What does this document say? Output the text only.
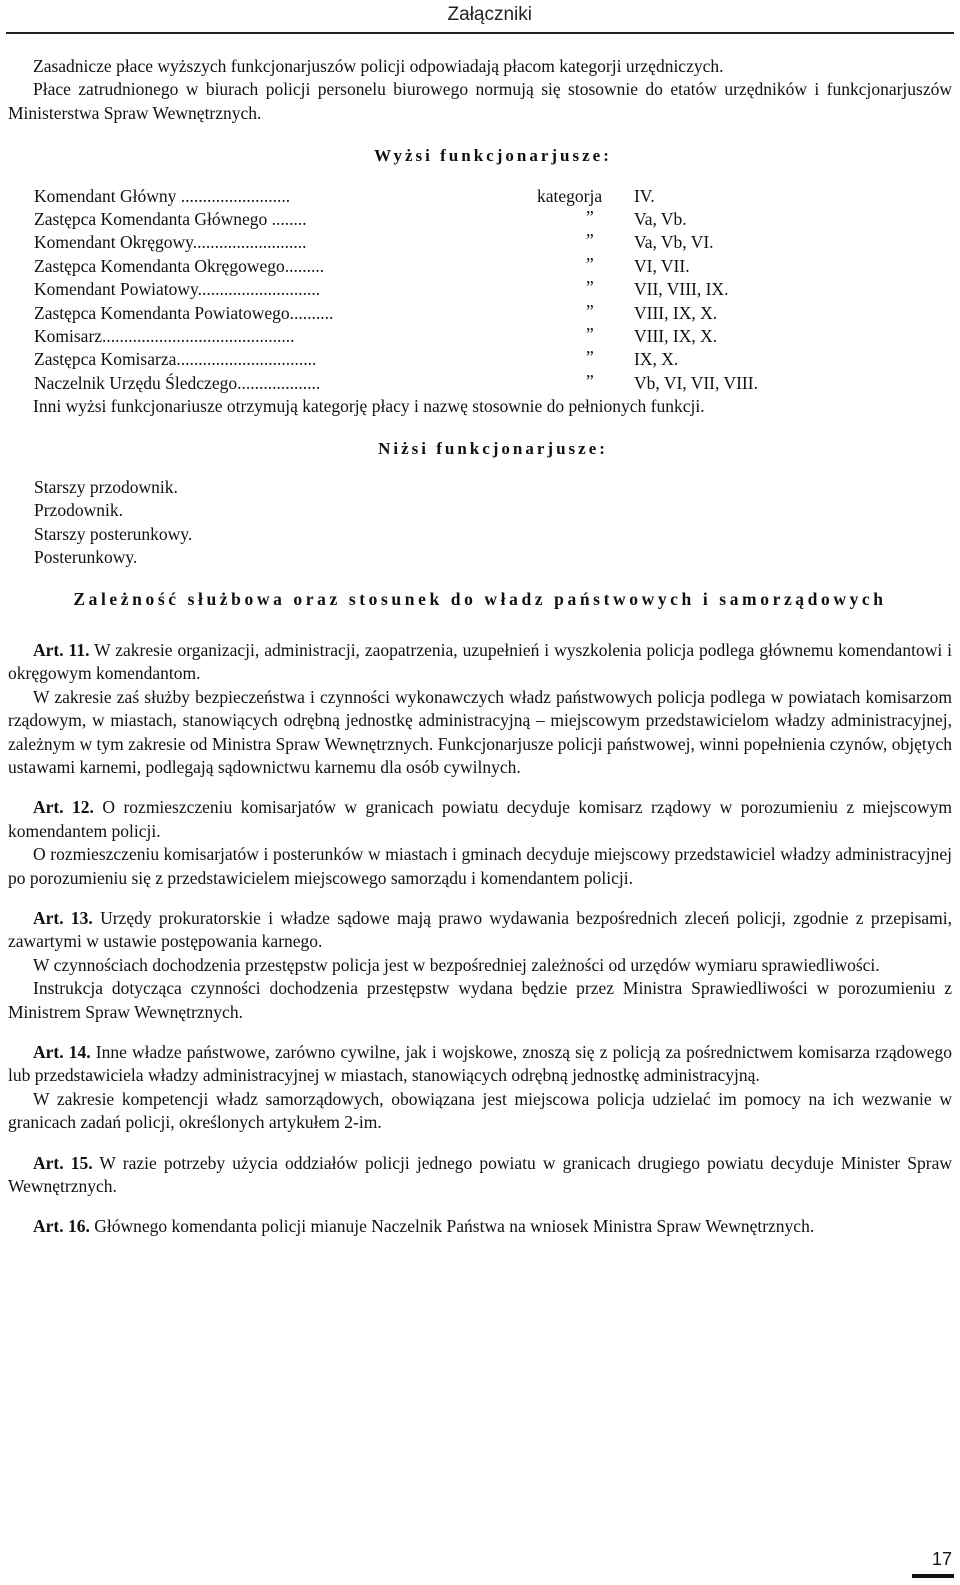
Załączniki

Zasadnicze płace wyższych funkcjonarjuszów policji odpowiadają płacom kategorji urzędniczych.

Płace zatrudnionego w biurach policji personelu biurowego normują się stosownie do etatów urzędników i funkcjonarjuszów Ministerstwa Spraw Wewnętrznych.

Wyżsi funkcjonarjusze:
Komendant Główny .........................	kategorja IV.
Zastępca Komendanta Głównego ........	” Va, Vb.
Komendant Okręgowy..........................	” Va, Vb, VI.
Zastępca Komendanta Okręgowego.........	” VI, VII.
Komendant Powiatowy............................	” VII, VIII, IX.
Zastępca Komendanta Powiatowego..........	” VIII, IX, X.
Komisarz............................................	” VIII, IX, X.
Zastępca Komisarza................................	” IX, X.
Naczelnik Urzędu Śledczego...................	” Vb, VI, VII, VIII.

Inni wyżsi funkcjonariusze otrzymują kategorję płacy i nazwę stosownie do pełnionych funkcji.

Niżsi funkcjonarjusze:
Starszy przodownik.
Przodownik.
Starszy posterunkowy.
Posterunkowy.
Zależność służbowa oraz stosunek do władz państwowych i samorządowych

Art. 11. W zakresie organizacji, administracji, zaopatrzenia, uzupełnień i wyszkolenia policja podlega głównemu komendantowi i okręgowym komendantom.

W zakresie zaś służby bezpieczeństwa i czynności wykonawczych władz państwowych policja podlega w powiatach komisarzom rządowym, w miastach, stanowiących odrębną jednostkę administracyjną – miejscowym przedstawicielom władzy administracyjnej, zależnym w tym zakresie od Ministra Spraw Wewnętrznych. Funkcjonarjusze policji państwowej, winni popełnienia czynów, objętych ustawami karnemi, podlegają sądownictwu karnemu dla osób cywilnych.

Art. 12. O rozmieszczeniu komisarjatów w granicach powiatu decyduje komisarz rządowy w porozumieniu z miejscowym komendantem policji.

O rozmieszczeniu komisarjatów i posterunków w miastach i gminach decyduje miejscowy przedstawiciel władzy administracyjnej po porozumieniu się z przedstawicielem miejscowego samorządu i komendantem policji.

Art. 13. Urzędy prokuratorskie i władze sądowe mają prawo wydawania bezpośrednich zleceń policji, zgodnie z przepisami, zawartymi w ustawie postępowania karnego.

W czynnościach dochodzenia przestępstw policja jest w bezpośredniej zależności od urzędów wymiaru sprawiedliwości.

Instrukcja dotycząca czynności dochodzenia przestępstw wydana będzie przez Ministra Sprawiedliwości w porozumieniu z Ministrem Spraw Wewnętrznych.

Art. 14. Inne władze państwowe, zarówno cywilne, jak i wojskowe, znoszą się z policją za pośrednictwem komisarza rządowego lub przedstawiciela władzy administracyjnej w miastach, stanowiących odrębną jednostkę administracyjną.

W zakresie kompetencji władz samorządowych, obowiązana jest miejscowa policja udzielać im pomocy na ich wezwanie w granicach zadań policji, określonych artykułem 2-im.

Art. 15. W razie potrzeby użycia oddziałów policji jednego powiatu w granicach drugiego powiatu decyduje Minister Spraw Wewnętrznych.

Art. 16. Głównego komendanta policji mianuje Naczelnik Państwa na wniosek Ministra Spraw Wewnętrznych.

17
